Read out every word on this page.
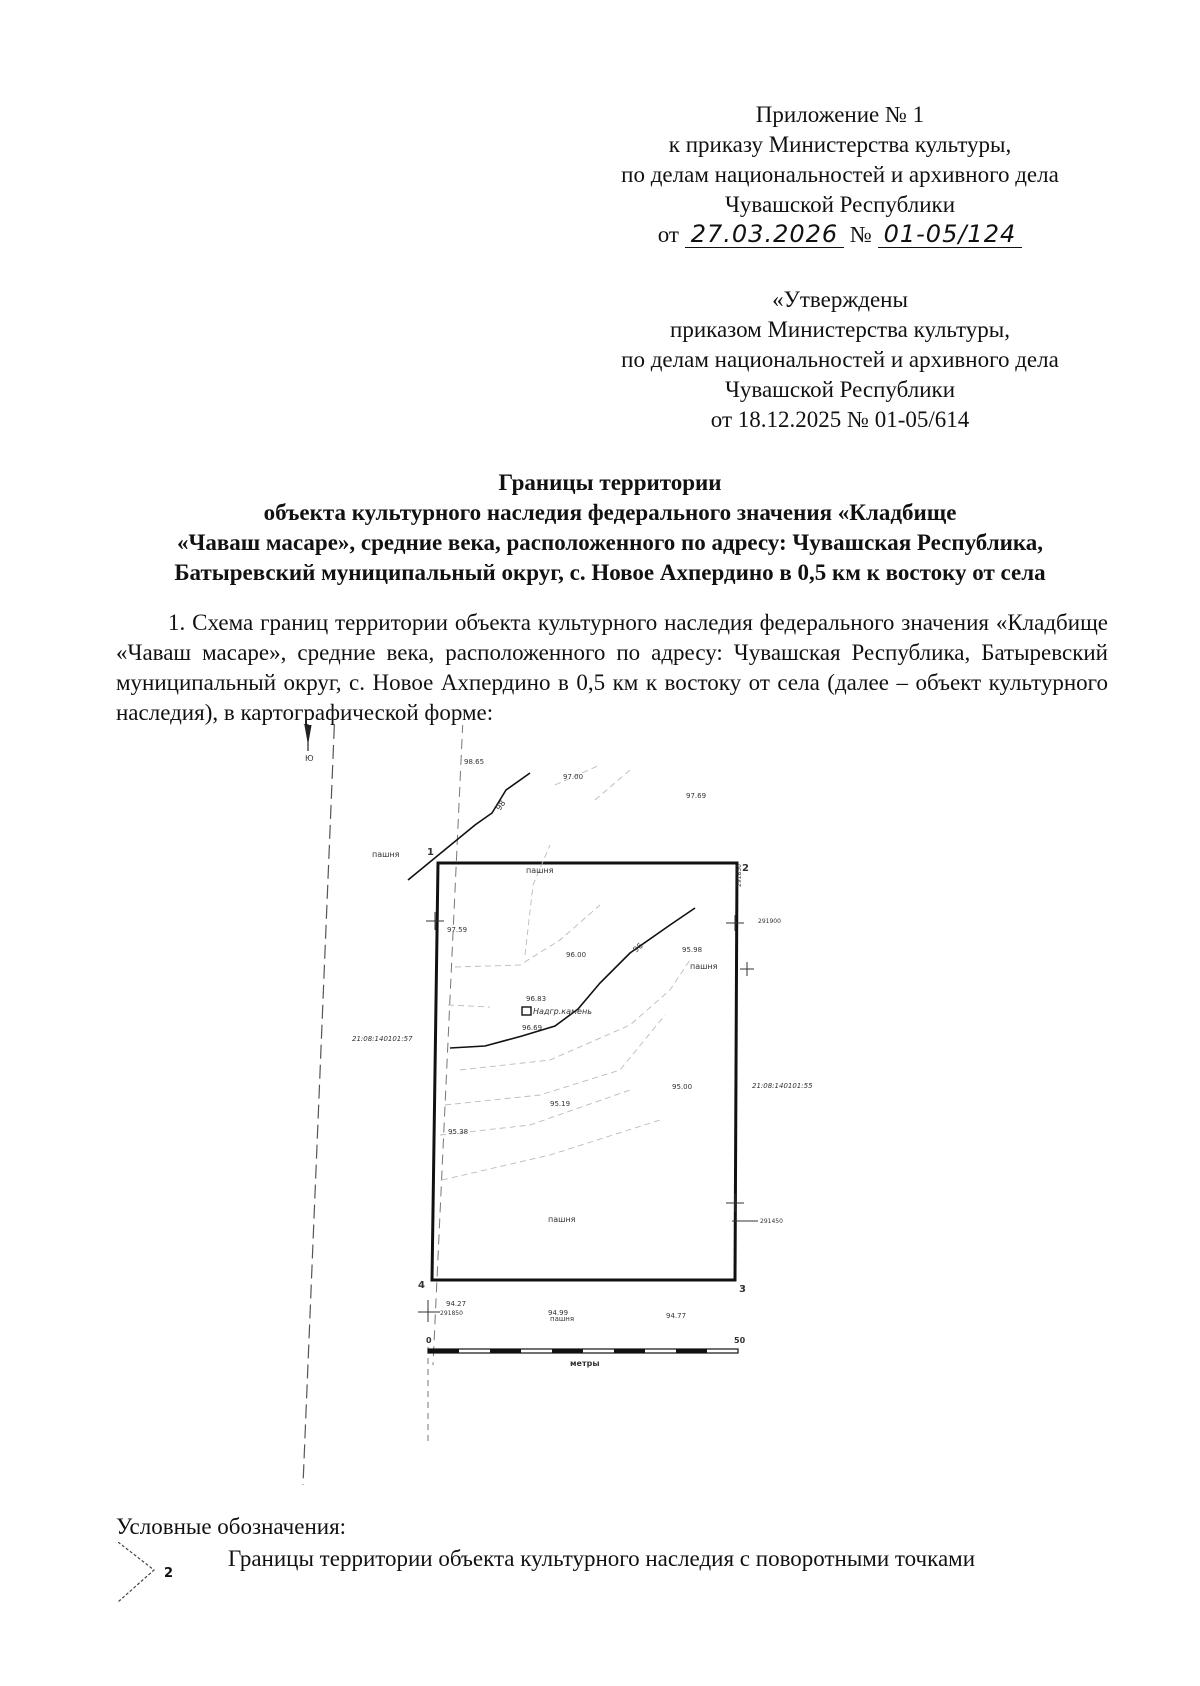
Приложение № 1
к приказу Министерства культуры,
по делам национальностей и архивного дела
Чувашской Республики
от 27.03.2026 № 01-05/124
«Утверждены
приказом Министерства культуры,
по делам национальностей и архивного дела
Чувашской Республики
от 18.12.2025 № 01-05/614
Границы территории
объекта культурного наследия федерального значения «Кладбище
«Чаваш масаре», средние века, расположенного по адресу: Чувашская Республика,
Батыревский муниципальный округ, с. Новое Ахпердино в 0,5 км к востоку от села
1. Схема границ территории объекта культурного наследия федерального значения «Кладбище «Чаваш масаре», средние века, расположенного по адресу: Чувашская Республика, Батыревский муниципальный округ, с. Новое Ахпердино в 0,5 км к востоку от села (далее – объект культурного наследия), в картографической форме:
Ю
1
2
3
4
98
96
98.65
97.00
97.69
97.59
96.00
95.98
96.83
96.69
95.00
95.19
95.38
94.27
94.99	94.77
пашня
пашня
пашня
пашня
пашня
Надгр.камень
21:08:140101:57
21:08:140101:55
291900
291850
291450
291850
0	50
метры
Условные обозначения:
2
Границы территории объекта культурного наследия с поворотными точками
